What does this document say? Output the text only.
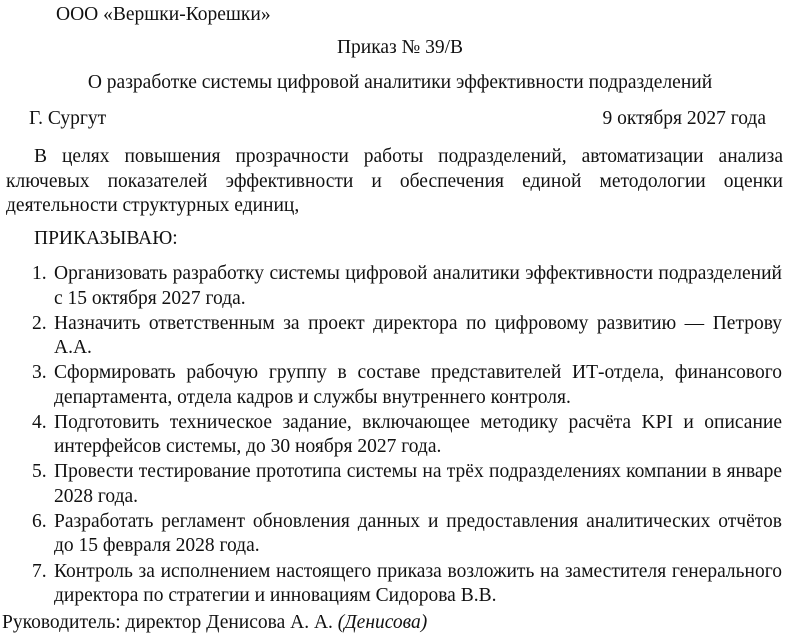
ООО «Вершки-Корешки»
Приказ № 39/В
О разработке системы цифровой аналитики эффективности подразделений
Г. Сургут	9 октября 2027 года

В целях повышения прозрачности работы подразделений, автоматизации анализа ключевых показателей эффективности и обеспечения единой методологии оценки деятельности структурных единиц,

ПРИКАЗЫВАЮ:
1. Организовать разработку системы цифровой аналитики эффективности подразделений с 15 октября 2027 года.
2. Назначить ответственным за проект директора по цифровому развитию — Петрову А.А.
3. Сформировать рабочую группу в составе представителей ИТ-отдела, финансового департамента, отдела кадров и службы внутреннего контроля.
4. Подготовить техническое задание, включающее методику расчёта KPI и описание интерфейсов системы, до 30 ноября 2027 года.
5. Провести тестирование прототипа системы на трёх подразделениях компании в январе 2028 года.
6. Разработать регламент обновления данных и предоставления аналитических отчётов до 15 февраля 2028 года.
7. Контроль за исполнением настоящего приказа возложить на заместителя генерального директора по стратегии и инновациям Сидорова В.В.
Руководитель: директор Денисова А. А. (Денисова)
